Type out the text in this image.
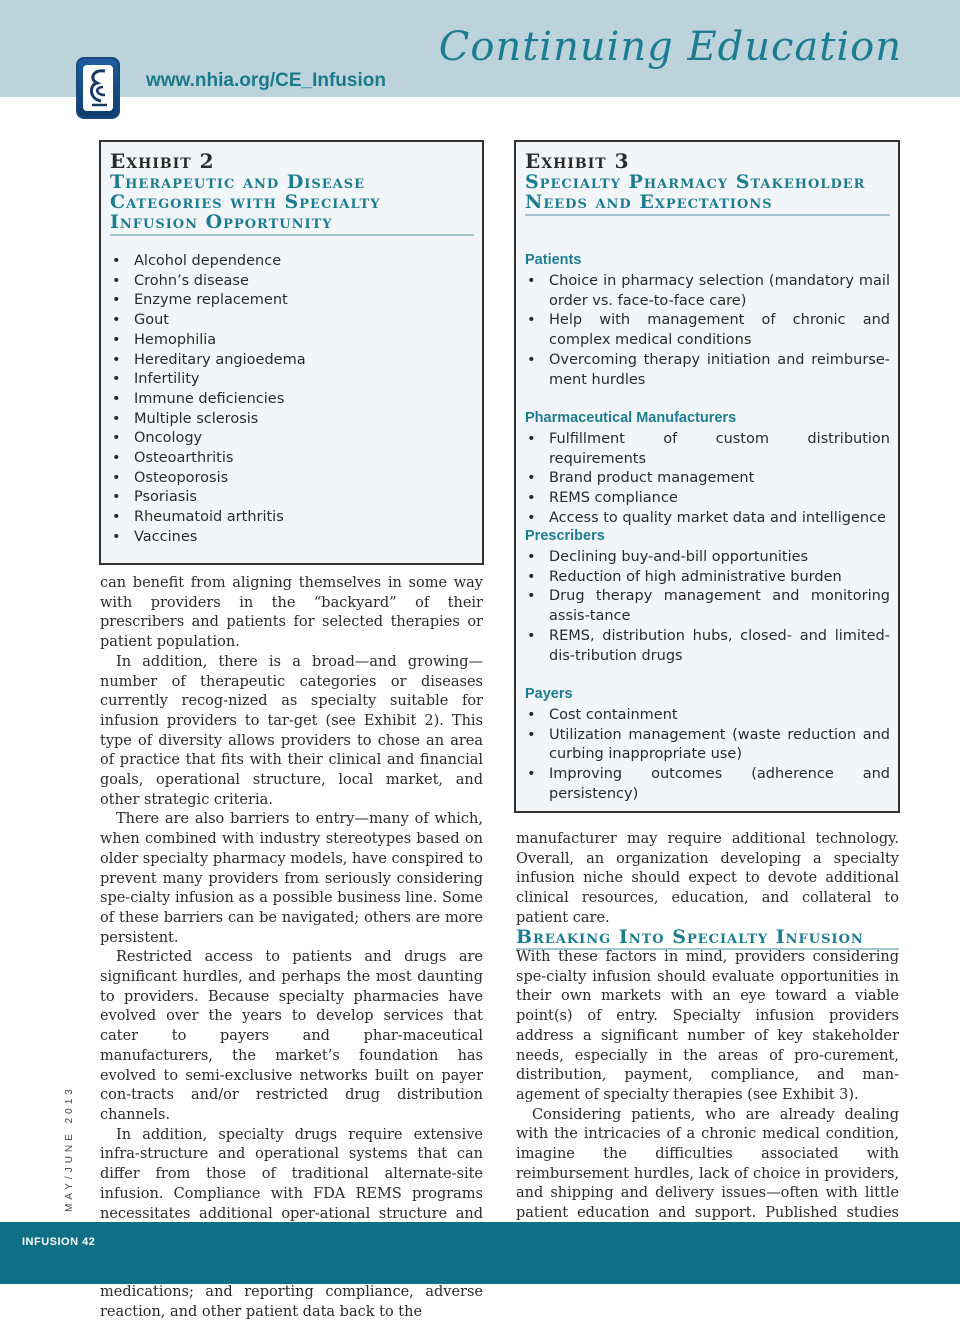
Continuing Education
www.nhia.org/CE_Infusion
Exhibit 2
Therapeutic and Disease Categories with Specialty Infusion Opportunity
• Alcohol dependence
• Crohn’s disease
• Enzyme replacement
• Gout
• Hemophilia
• Hereditary angioedema
• Infertility
• Immune deficiencies
• Multiple sclerosis
• Oncology
• Osteoarthritis
• Osteoporosis
• Psoriasis
• Rheumatoid arthritis
• Vaccines
Exhibit 3
Specialty Pharmacy Stakeholder Needs and Expectations
Patients
• Choice in pharmacy selection (mandatory mail order vs. face-to-face care)
• Help with management of chronic and complex medical conditions
• Overcoming therapy initiation and reimburse-ment hurdles
Pharmaceutical Manufacturers
• Fulfillment of custom distribution requirements
• Brand product management
• REMS compliance
• Access to quality market data and intelligence
Prescribers
• Declining buy-and-bill opportunities
• Reduction of high administrative burden
• Drug therapy management and monitoring assis-tance
• REMS, distribution hubs, closed- and limited-dis-tribution drugs
Payers
• Cost containment
• Utilization management (waste reduction and curbing inappropriate use)
• Improving outcomes (adherence and persistency)

can benefit from aligning themselves in some way with providers in the “backyard” of their prescribers and patients for selected therapies or patient population.

In addition, there is a broad—and growing—number of therapeutic categories or diseases currently recog-nized as specialty suitable for infusion providers to tar-get (see Exhibit 2). This type of diversity allows providers to chose an area of practice that fits with their clinical and financial goals, operational structure, local market, and other strategic criteria.

There are also barriers to entry—many of which, when combined with industry stereotypes based on older specialty pharmacy models, have conspired to prevent many providers from seriously considering spe-cialty infusion as a possible business line. Some of these barriers can be navigated; others are more persistent.

Restricted access to patients and drugs are significant hurdles, and perhaps the most daunting to providers. Because specialty pharmacies have evolved over the years to develop services that cater to payers and phar-maceutical manufacturers, the market’s foundation has evolved to semi-exclusive networks built on payer con-tracts and/or restricted drug distribution channels.

In addition, specialty drugs require extensive infra-structure and operational systems that can differ from those of traditional alternate-site infusion. Compliance with FDA REMS programs necessitates additional oper-ational structure and medications; and reporting compliance, adverse reaction, and other patient data back to the

manufacturer may require additional technology. Overall, an organization developing a specialty infusion niche should expect to devote additional clinical resources, education, and collateral to patient care.

Breaking Into Specialty Infusion

With these factors in mind, providers considering spe-cialty infusion should evaluate opportunities in their own markets with an eye toward a viable point(s) of entry. Specialty infusion providers address a significant number of key stakeholder needs, especially in the areas of pro-curement, distribution, payment, compliance, and man-agement of specialty therapies (see Exhibit 3).

Considering patients, who are already dealing with the intricacies of a chronic medical condition, imagine the difficulties associated with reimbursement hurdles, lack of choice in providers, and shipping and delivery issues—often with little patient education and support. Published studies

MAY/JUNE 2013
INFUSION 42
